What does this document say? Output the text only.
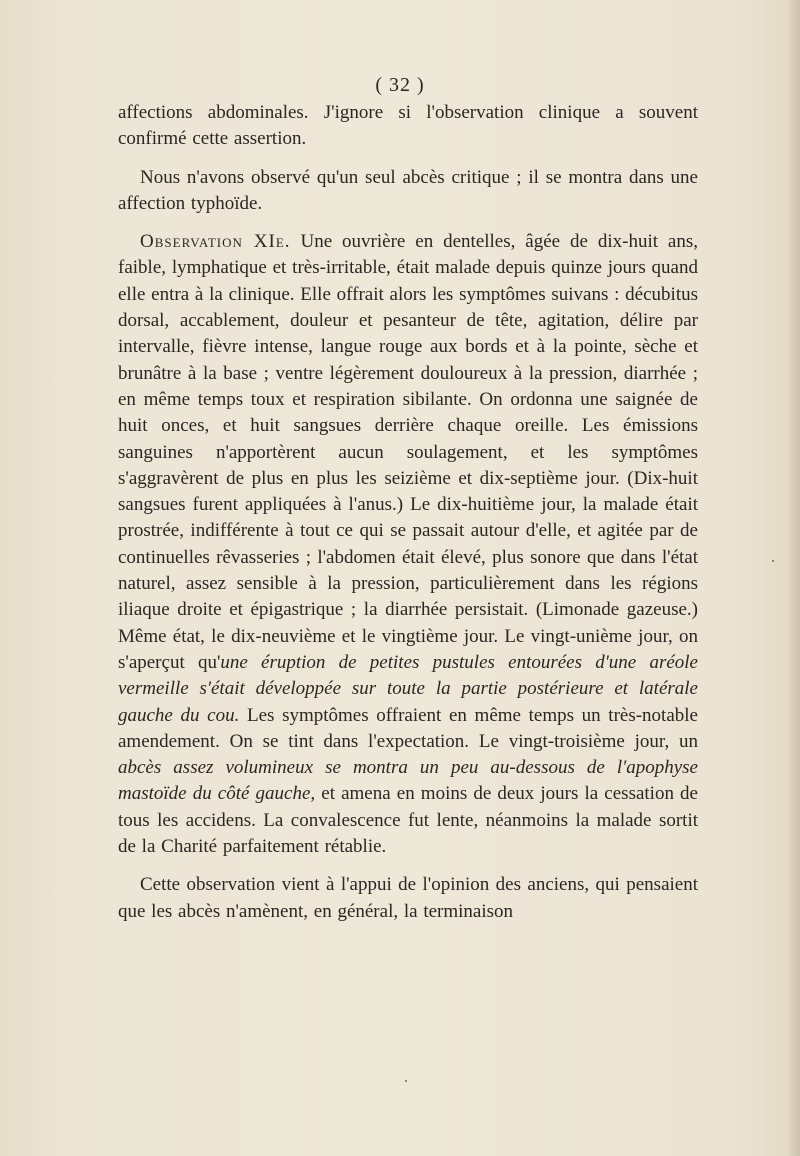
( 32 )

affections abdominales. J'ignore si l'observation clinique a souvent confirmé cette assertion.

Nous n'avons observé qu'un seul abcès critique ; il se montra dans une affection typhoïde.

Observation XIe. Une ouvrière en dentelles, âgée de dix-huit ans, faible, lymphatique et très-irritable, était malade depuis quinze jours quand elle entra à la clinique. Elle offrait alors les symptômes suivans : décubitus dorsal, accablement, douleur et pesanteur de tête, agitation, délire par intervalle, fièvre intense, langue rouge aux bords et à la pointe, sèche et brunâtre à la base ; ventre légèrement douloureux à la pression, diarrhée ; en même temps toux et respiration sibilante. On ordonna une saignée de huit onces, et huit sangsues derrière chaque oreille. Les émissions sanguines n'apportèrent aucun soulagement, et les symptômes s'aggravèrent de plus en plus les seizième et dix-septième jour. (Dix-huit sangsues furent appliquées à l'anus.) Le dix-huitième jour, la malade était prostrée, indifférente à tout ce qui se passait autour d'elle, et agitée par de continuelles rêvasseries ; l'abdomen était élevé, plus sonore que dans l'état naturel, assez sensible à la pression, particulièrement dans les régions iliaque droite et épigastrique ; la diarrhée persistait. (Limonade gazeuse.) Même état, le dix-neuvième et le vingtième jour. Le vingt-unième jour, on s'aperçut qu'une éruption de petites pustules entourées d'une aréole vermeille s'était développée sur toute la partie postérieure et latérale gauche du cou. Les symptômes offraient en même temps un très-notable amendement. On se tint dans l'expectation. Le vingt-troisième jour, un abcès assez volumineux se montra un peu au-dessous de l'apophyse mastoïde du côté gauche, et amena en moins de deux jours la cessation de tous les accidens. La convalescence fut lente, néanmoins la malade sortit de la Charité parfaitement rétablie.

Cette observation vient à l'appui de l'opinion des anciens, qui pensaient que les abcès n'amènent, en général, la terminaison
